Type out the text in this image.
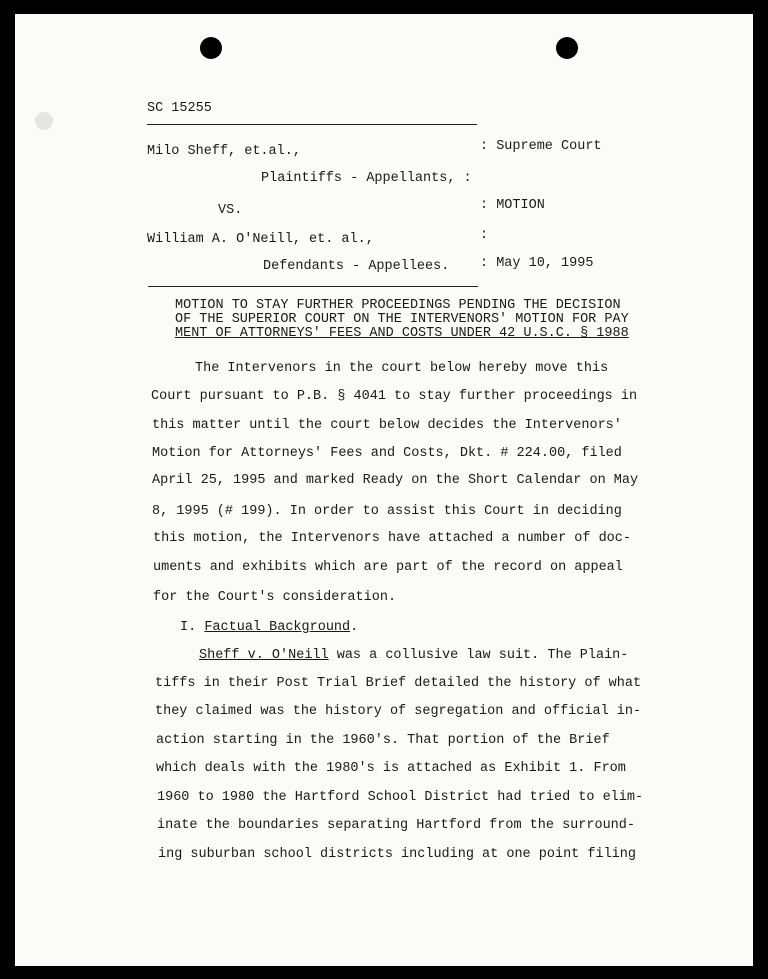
SC 15255
Milo Sheff, et.al.,	: Supreme Court
Plaintiffs - Appellants, :
VS.	: MOTION
William A. O'Neill, et. al.,	:
Defendants - Appellees. : May 10, 1995
MOTION TO STAY FURTHER PROCEEDINGS PENDING THE DECISION
OF THE SUPERIOR COURT ON THE INTERVENORS' MOTION FOR PAY
MENT OF ATTORNEYS' FEES AND COSTS UNDER 42 U.S.C. § 1988
The Intervenors in the court below hereby move this
Court pursuant to P.B. § 4041 to stay further proceedings in
this matter until the court below decides the Intervenors'
Motion for Attorneys' Fees and Costs, Dkt. # 224.00, filed
April 25, 1995 and marked Ready on the Short Calendar on May
8, 1995 (# 199). In order to assist this Court in deciding
this motion, the Intervenors have attached a number of doc-
uments and exhibits which are part of the record on appeal
for the Court's consideration.
I. Factual Background.
Sheff v. O'Neill was a collusive law suit. The Plain-
tiffs in their Post Trial Brief detailed the history of what
they claimed was the history of segregation and official in-
action starting in the 1960's. That portion of the Brief
which deals with the 1980's is attached as Exhibit 1. From
1960 to 1980 the Hartford School District had tried to elim-
inate the boundaries separating Hartford from the surround-
ing suburban school districts including at one point filing
